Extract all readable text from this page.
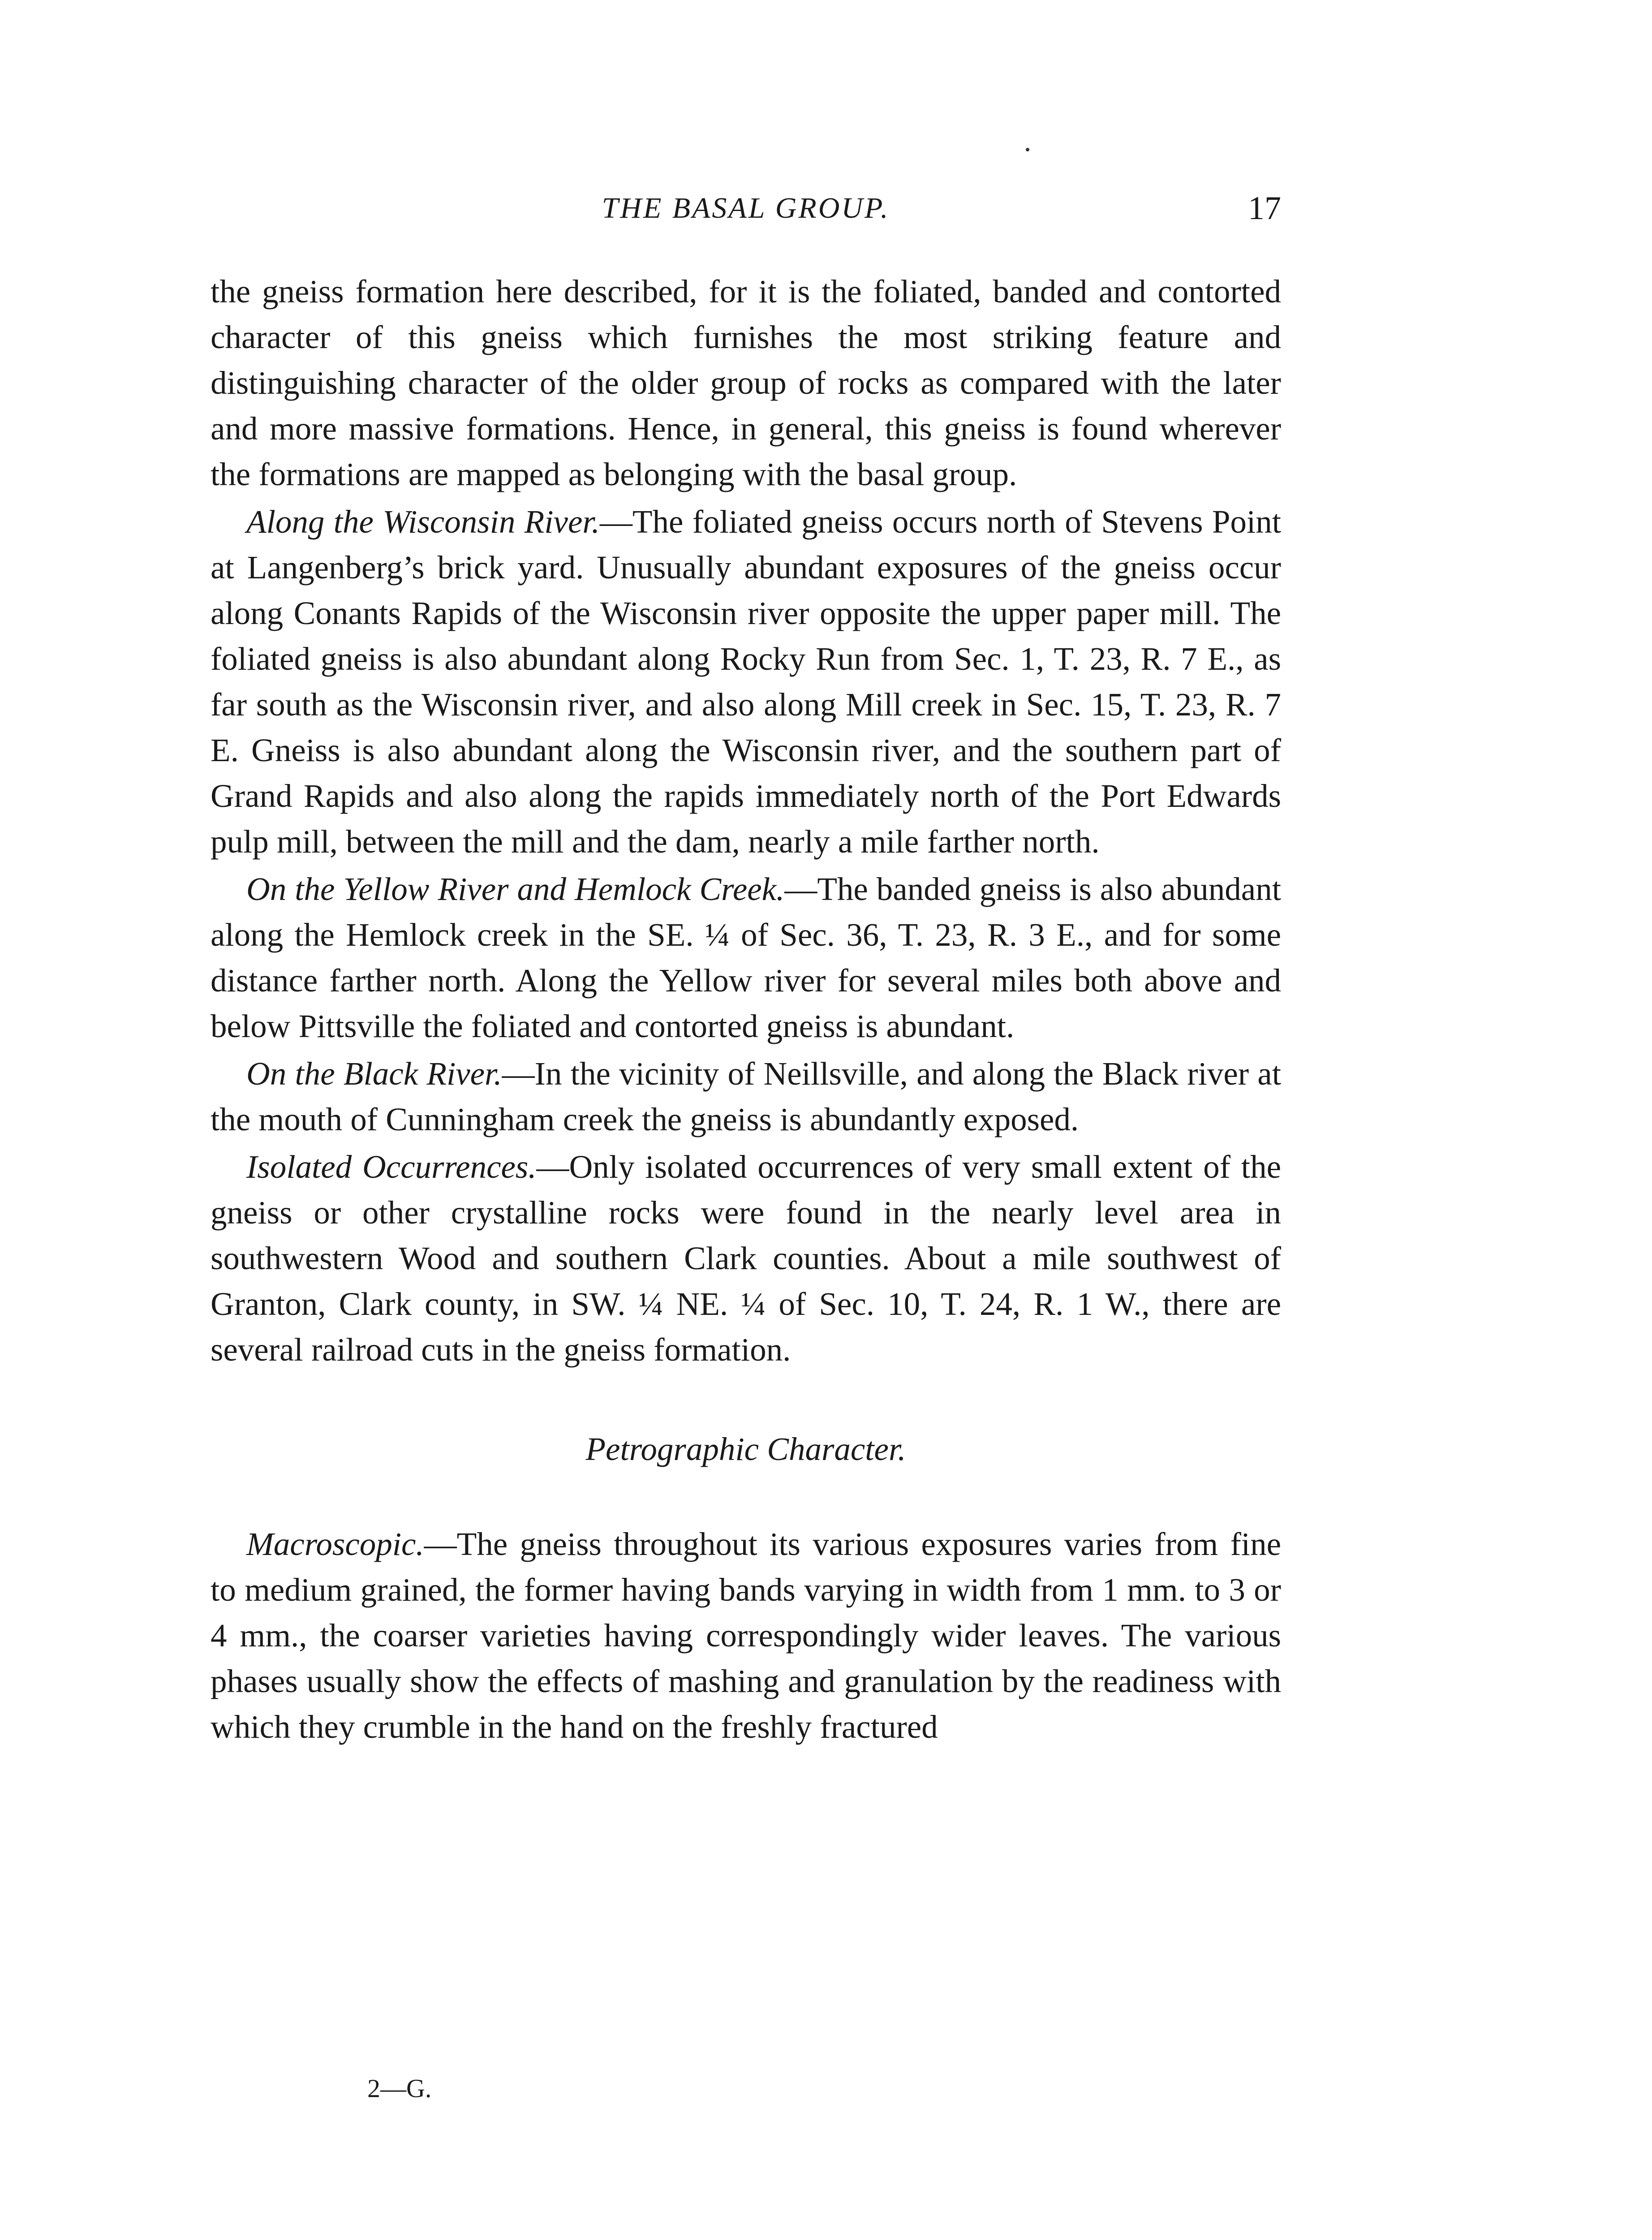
THE BASAL GROUP.	17

the gneiss formation here described, for it is the foliated, banded and contorted character of this gneiss which furnishes the most striking feature and distinguishing character of the older group of rocks as compared with the later and more massive formations. Hence, in general, this gneiss is found wherever the formations are mapped as belonging with the basal group.

Along the Wisconsin River.—The foliated gneiss occurs north of Stevens Point at Langenberg’s brick yard. Unusually abundant exposures of the gneiss occur along Conants Rapids of the Wisconsin river opposite the upper paper mill. The foliated gneiss is also abundant along Rocky Run from Sec. 1, T. 23, R. 7 E., as far south as the Wisconsin river, and also along Mill creek in Sec. 15, T. 23, R. 7 E. Gneiss is also abundant along the Wisconsin river, and the southern part of Grand Rapids and also along the rapids immediately north of the Port Edwards pulp mill, between the mill and the dam, nearly a mile farther north.

On the Yellow River and Hemlock Creek.—The banded gneiss is also abundant along the Hemlock creek in the SE. ¼ of Sec. 36, T. 23, R. 3 E., and for some distance farther north. Along the Yellow river for several miles both above and below Pittsville the foliated and contorted gneiss is abundant.

On the Black River.—In the vicinity of Neillsville, and along the Black river at the mouth of Cunningham creek the gneiss is abundantly exposed.

Isolated Occurrences.—Only isolated occurrences of very small extent of the gneiss or other crystalline rocks were found in the nearly level area in southwestern Wood and southern Clark counties. About a mile southwest of Granton, Clark county, in SW. ¼ NE. ¼ of Sec. 10, T. 24, R. 1 W., there are several railroad cuts in the gneiss formation.

Petrographic Character.

Macroscopic.—The gneiss throughout its various exposures varies from fine to medium grained, the former having bands varying in width from 1 mm. to 3 or 4 mm., the coarser varieties having correspondingly wider leaves. The various phases usually show the effects of mashing and granulation by the readiness with which they crumble in the hand on the freshly fractured

2—G.
